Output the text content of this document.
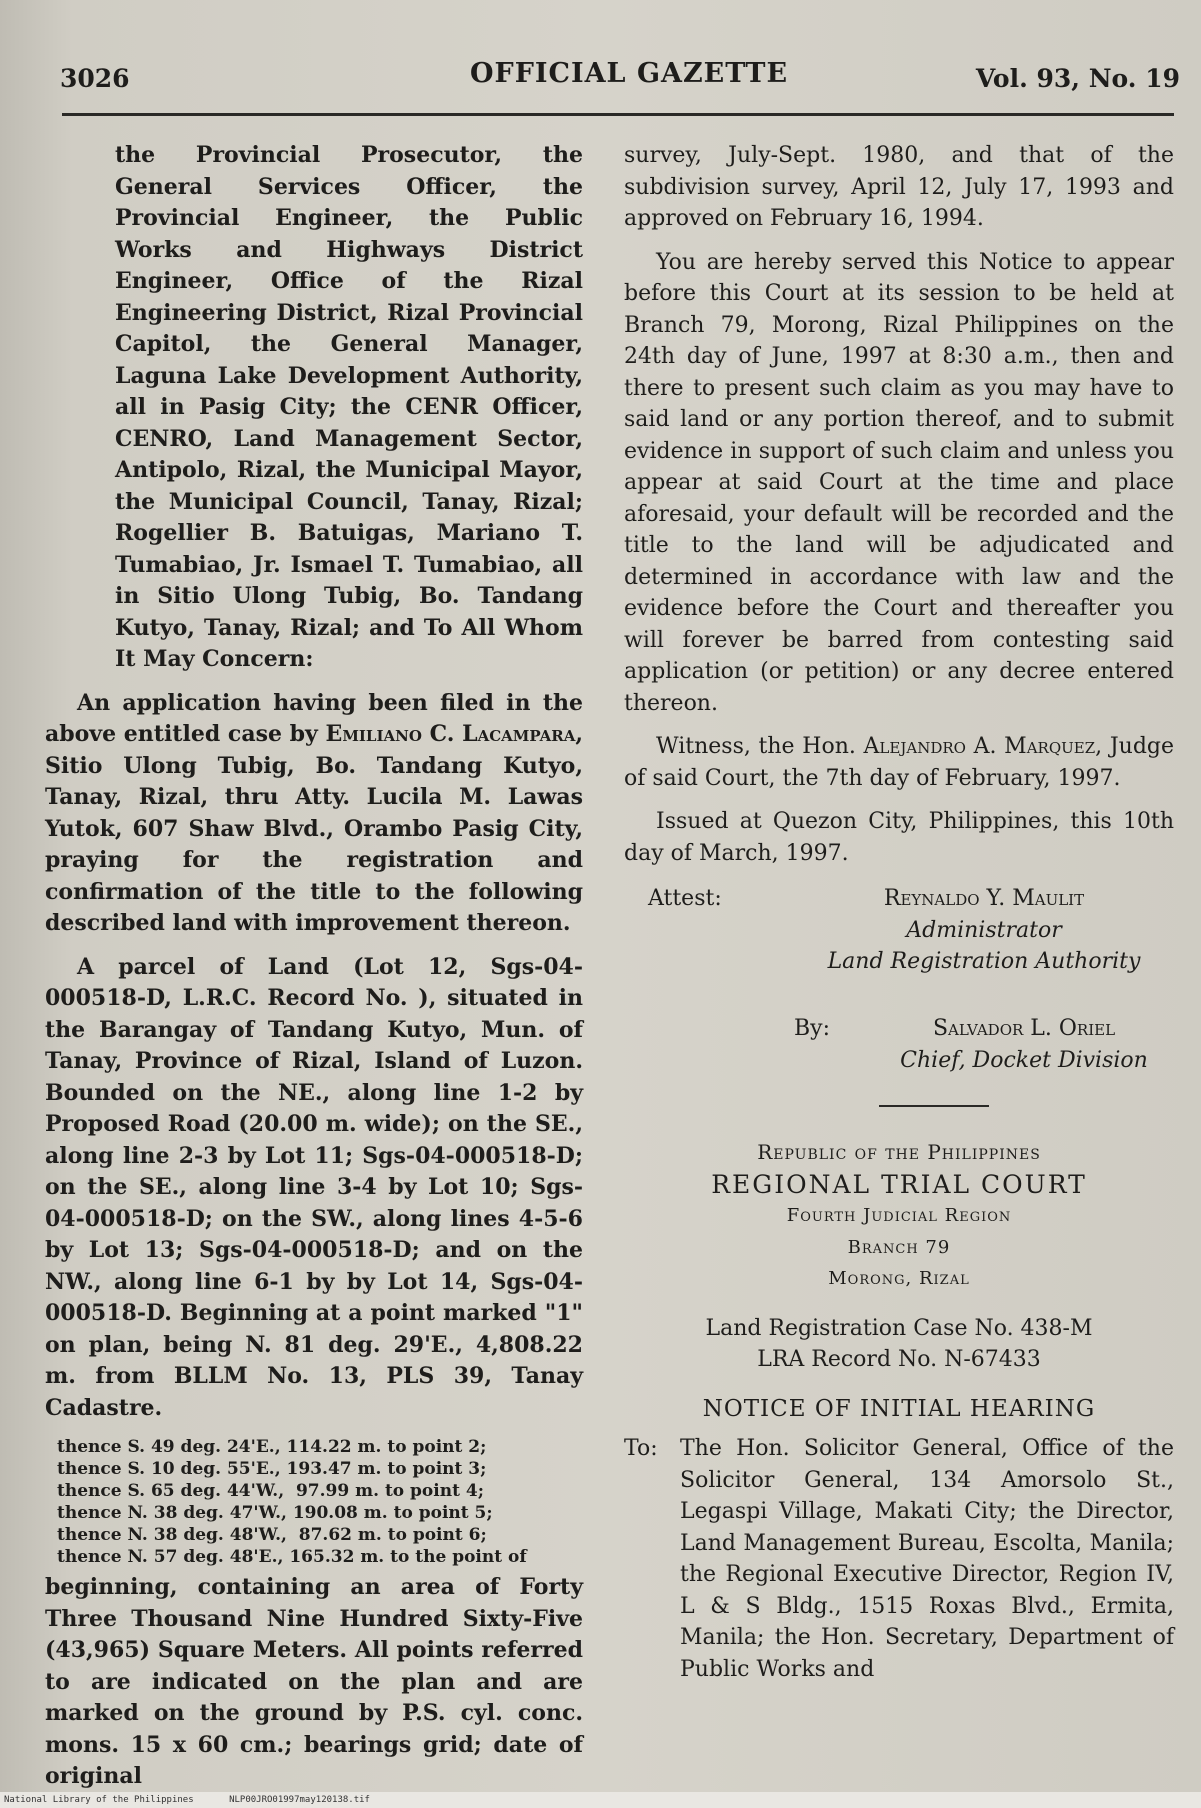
3026	OFFICIAL GAZETTE	Vol. 93, No. 19

the Provincial Prosecutor, the General Services Officer, the Provincial Engineer, the Public Works and Highways District Engineer, Office of the Rizal Engineering District, Rizal Provincial Capitol, the General Manager, Laguna Lake Development Authority, all in Pasig City; the CENR Officer, CENRO, Land Management Sector, Antipolo, Rizal, the Municipal Mayor, the Municipal Council, Tanay, Rizal; Rogellier B. Batuigas, Mariano T. Tumabiao, Jr. Ismael T. Tumabiao, all in Sitio Ulong Tubig, Bo. Tandang Kutyo, Tanay, Rizal; and To All Whom It May Concern:

An application having been filed in the above entitled case by Emiliano C. Lacampara, Sitio Ulong Tubig, Bo. Tandang Kutyo, Tanay, Rizal, thru Atty. Lucila M. Lawas Yutok, 607 Shaw Blvd., Orambo Pasig City, praying for the registration and confirmation of the title to the following described land with improvement thereon.

A parcel of Land (Lot 12, Sgs-04-000518-D, L.R.C. Record No. ), situated in the Barangay of Tandang Kutyo, Mun. of Tanay, Province of Rizal, Island of Luzon. Bounded on the NE., along line 1-2 by Proposed Road (20.00 m. wide); on the SE., along line 2-3 by Lot 11; Sgs-04-000518-D; on the SE., along line 3-4 by Lot 10; Sgs-04-000518-D; on the SW., along lines 4-5-6 by Lot 13; Sgs-04-000518-D; and on the NW., along line 6-1 by by Lot 14, Sgs-04-000518-D. Beginning at a point marked "1" on plan, being N. 81 deg. 29'E., 4,808.22 m. from BLLM No. 13, PLS 39, Tanay Cadastre.

thence S. 49 deg. 24'E., 114.22 m. to point 2;
thence S. 10 deg. 55'E., 193.47 m. to point 3;
thence S. 65 deg. 44'W.,  97.99 m. to point 4;
thence N. 38 deg. 47'W., 190.08 m. to point 5;
thence N. 38 deg. 48'W.,  87.62 m. to point 6;
thence N. 57 deg. 48'E., 165.32 m. to the point of

beginning, containing an area of Forty Three Thousand Nine Hundred Sixty-Five (43,965) Square Meters. All points referred to are indicated on the plan and are marked on the ground by P.S. cyl. conc. mons. 15 x 60 cm.; bearings grid; date of original

survey, July-Sept. 1980, and that of the subdivision survey, April 12, July 17, 1993 and approved on February 16, 1994.

You are hereby served this Notice to appear before this Court at its session to be held at Branch 79, Morong, Rizal Philippines on the 24th day of June, 1997 at 8:30 a.m., then and there to present such claim as you may have to said land or any portion thereof, and to submit evidence in support of such claim and unless you appear at said Court at the time and place aforesaid, your default will be recorded and the title to the land will be adjudicated and determined in accordance with law and the evidence before the Court and thereafter you will forever be barred from contesting said application (or petition) or any decree entered thereon.

Witness, the Hon. Alejandro A. Marquez, Judge of said Court, the 7th day of February, 1997.

Issued at Quezon City, Philippines, this 10th day of March, 1997.

Attest:	Reynaldo Y. Maulit
Administrator
Land Registration Authority
By:	Salvador L. Oriel
Chief, Docket Division
Republic of the Philippines
REGIONAL TRIAL COURT
Fourth Judicial Region
Branch 79
Morong, Rizal
Land Registration Case No. 438-M
LRA Record No. N-67433
NOTICE OF INITIAL HEARING
To: The Hon. Solicitor General, Office of the Solicitor General, 134 Amorsolo St., Legaspi Village, Makati City; the Director, Land Management Bureau, Escolta, Manila; the Regional Executive Director, Region IV, L & S Bldg., 1515 Roxas Blvd., Ermita, Manila; the Hon. Secretary, Department of Public Works and
National Library of the Philippines	NLP00JRO01997may120138.tif
